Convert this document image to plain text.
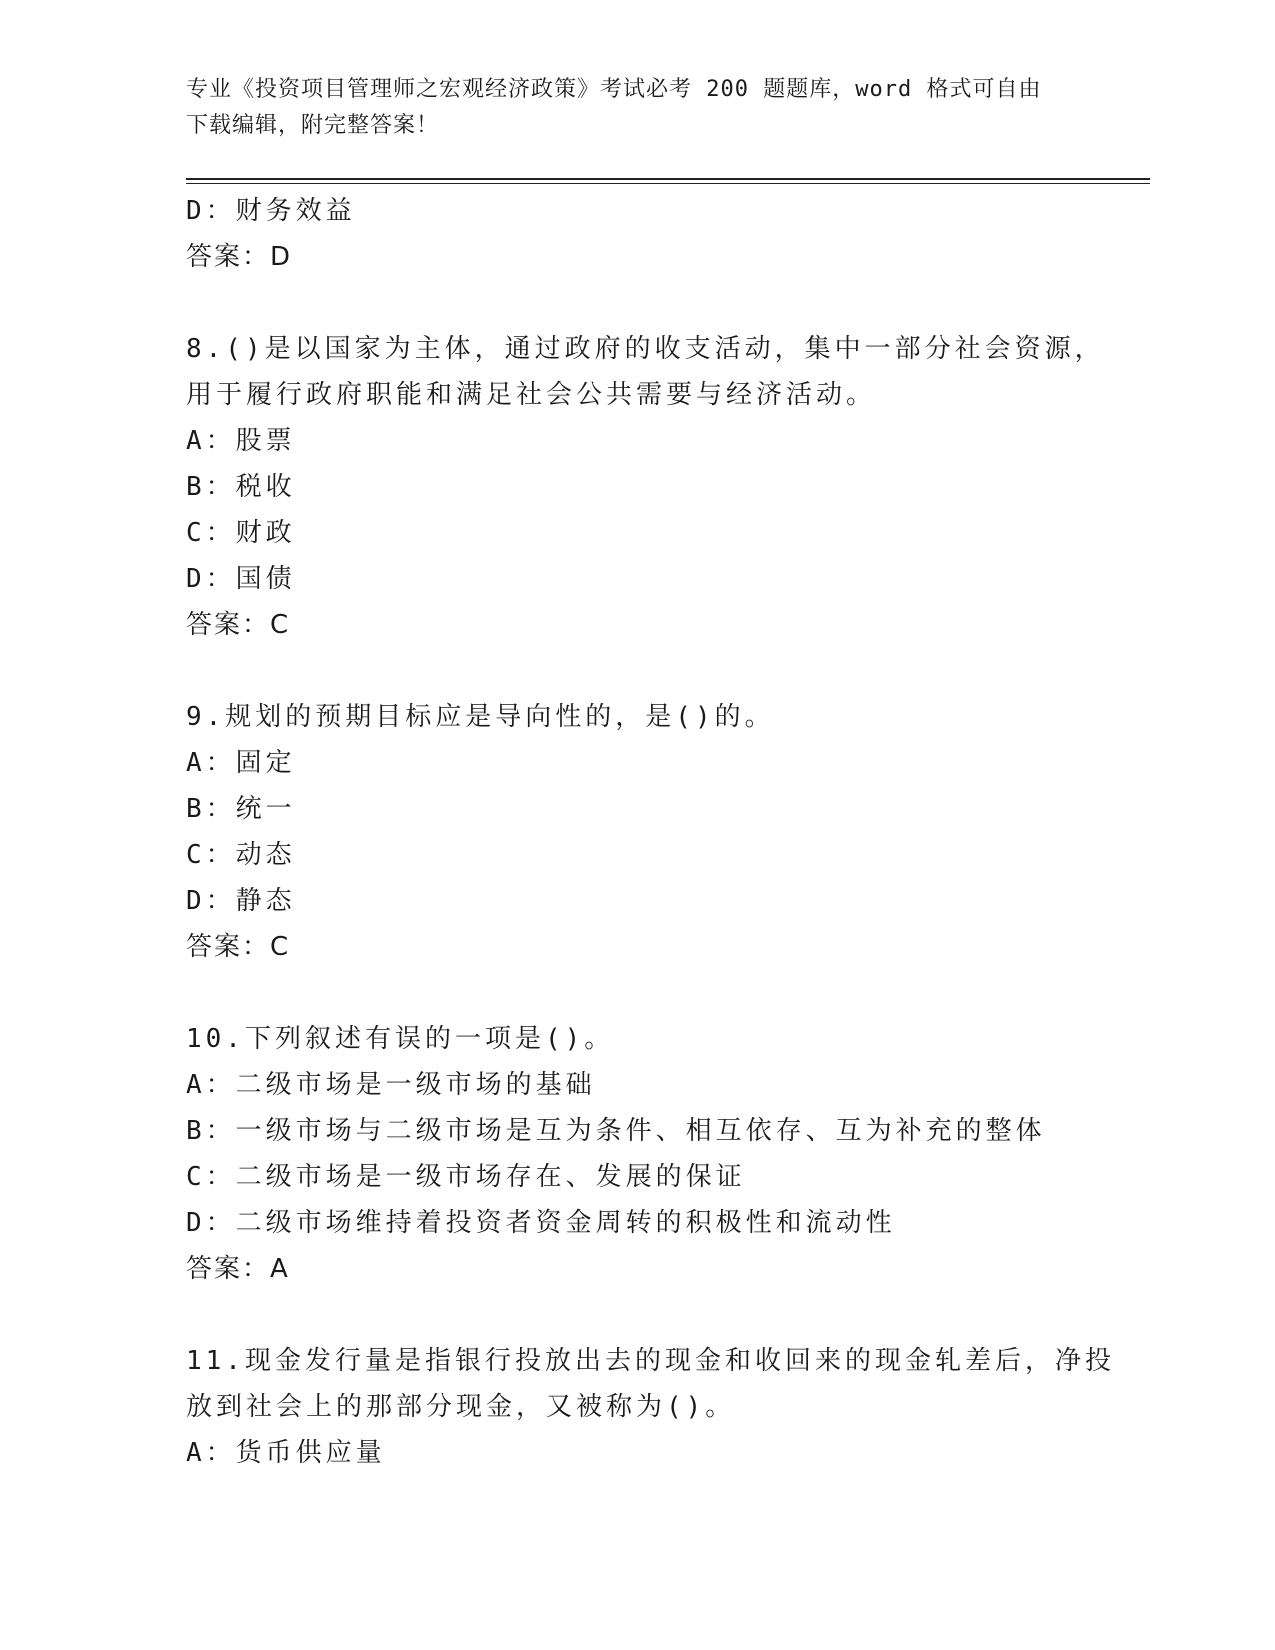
专业《投资项目管理师之宏观经济政策》考试必考 200 题题库，word 格式可自由
下载编辑，附完整答案！
D：财务效益
答案：D
8.()是以国家为主体，通过政府的收支活动，集中一部分社会资源，
用于履行政府职能和满足社会公共需要与经济活动。
A：股票
B：税收
C：财政
D：国债
答案：C
9.规划的预期目标应是导向性的，是()的。
A：固定
B：统一
C：动态
D：静态
答案：C
10.下列叙述有误的一项是()。
A：二级市场是一级市场的基础
B：一级市场与二级市场是互为条件、相互依存、互为补充的整体
C：二级市场是一级市场存在、发展的保证
D：二级市场维持着投资者资金周转的积极性和流动性
答案：A
11.现金发行量是指银行投放出去的现金和收回来的现金轧差后，净投
放到社会上的那部分现金，又被称为()。
A：货币供应量
